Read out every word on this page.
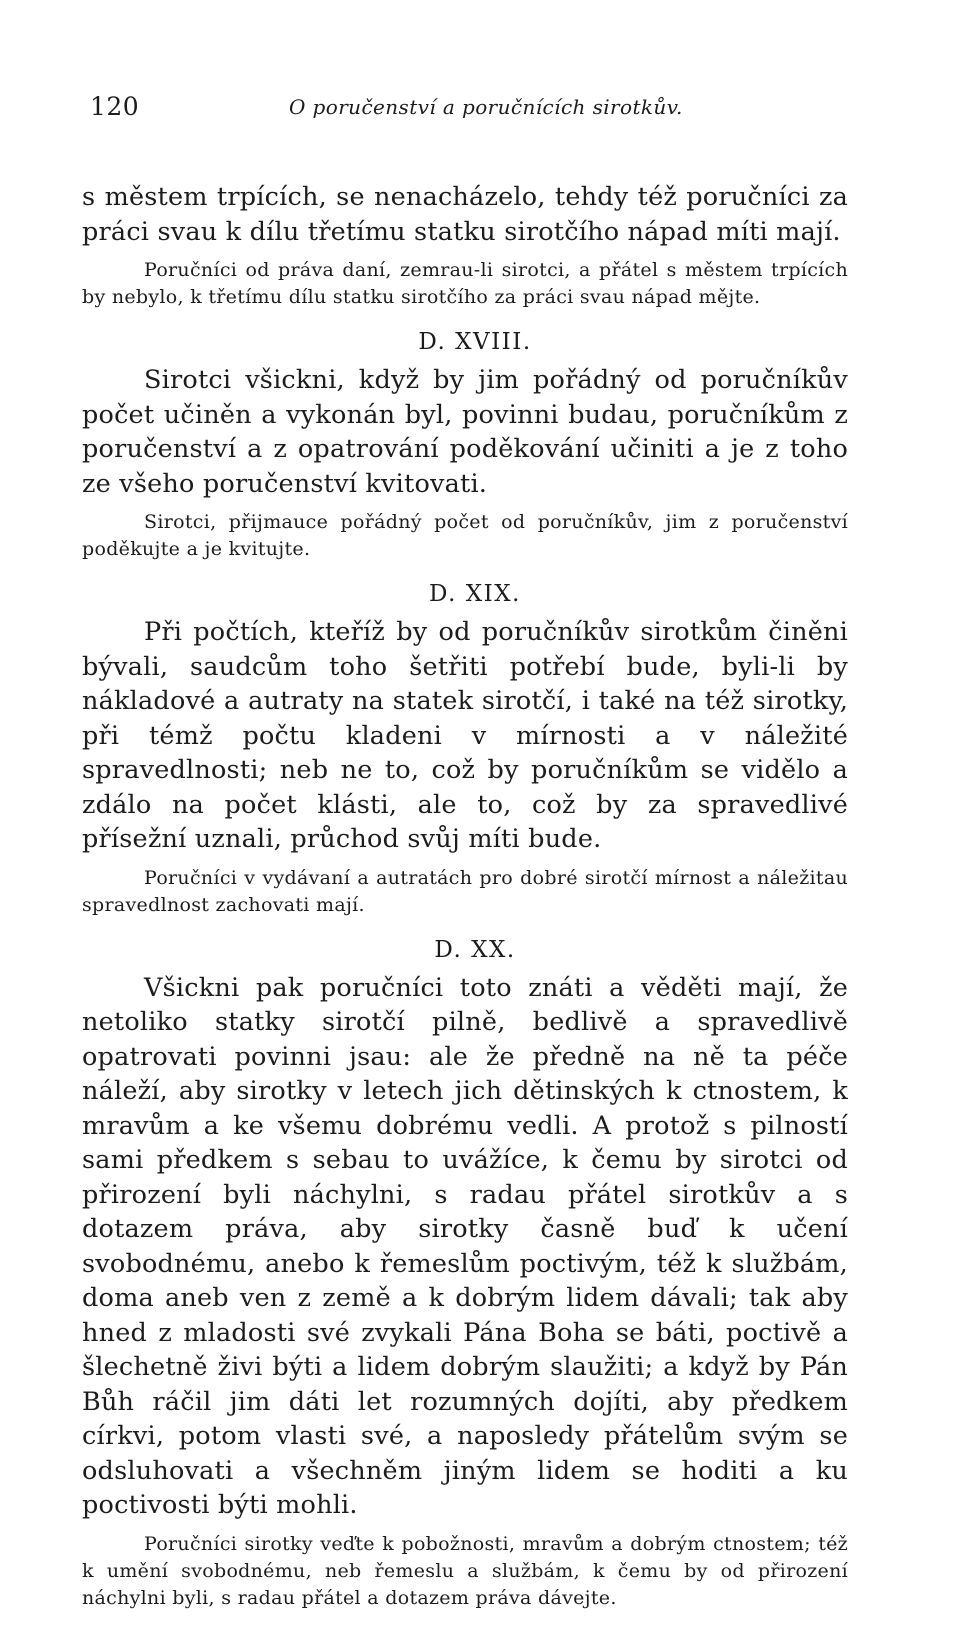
120	O poručenství a poručnících sirotkův.

s městem trpících, se nenacházelo, tehdy též poručníci za práci svau k dílu třetímu statku sirotčího nápad míti mají.

Poručníci od práva daní, zemrau-li sirotci, a přátel s městem trpících by nebylo, k třetímu dílu statku sirotčího za práci svau nápad mějte.

D. XVIII.

Sirotci všickni, když by jim pořádný od poručníkův počet učiněn a vykonán byl, povinni budau, poručníkům z poručenství a z opatrování poděkování učiniti a je z toho ze všeho poručenství kvitovati.

Sirotci, přijmauce pořádný počet od poručníkův, jim z poručenství poděkujte a je kvitujte.

D. XIX.

Při počtích, kteříž by od poručníkův sirotkům činěni bývali, saudcům toho šetřiti potřebí bude, byli-li by nákladové a autraty na statek sirotčí, i také na též sirotky, při témž počtu kladeni v mírnosti a v náležité spravedlnosti; neb ne to, což by poručníkům se vidělo a zdálo na počet klásti, ale to, což by za spravedlivé přísežní uznali, průchod svůj míti bude.

Poručníci v vydávaní a autratách pro dobré sirotčí mírnost a náležitau spravedlnost zachovati mají.

D. XX.

Všickni pak poručníci toto znáti a věděti mají, že netoliko statky sirotčí pilně, bedlivě a spravedlivě opatrovati povinni jsau: ale že předně na ně ta péče náleží, aby sirotky v letech jich dětinských k ctnostem, k mravům a ke všemu dobrému vedli. A protož s pilností sami předkem s sebau to uvážíce, k čemu by sirotci od přirození byli náchylni, s radau přátel sirotkův a s dotazem práva, aby sirotky časně buď k učení svobodnému, anebo k řemeslům poctivým, též k službám, doma aneb ven z země a k dobrým lidem dávali; tak aby hned z mladosti své zvykali Pána Boha se báti, poctivě a šlechetně živi býti a lidem dobrým slaužiti; a když by Pán Bůh ráčil jim dáti let rozumných dojíti, aby předkem církvi, potom vlasti své, a naposledy přátelům svým se odsluhovati a všechněm jiným lidem se hoditi a ku poctivosti býti mohli.

Poručníci sirotky veďte k pobožnosti, mravům a dobrým ctnostem; též k umění svobodnému, neb řemeslu a službám, k čemu by od přirození náchylni byli, s radau přátel a dotazem práva dávejte.
